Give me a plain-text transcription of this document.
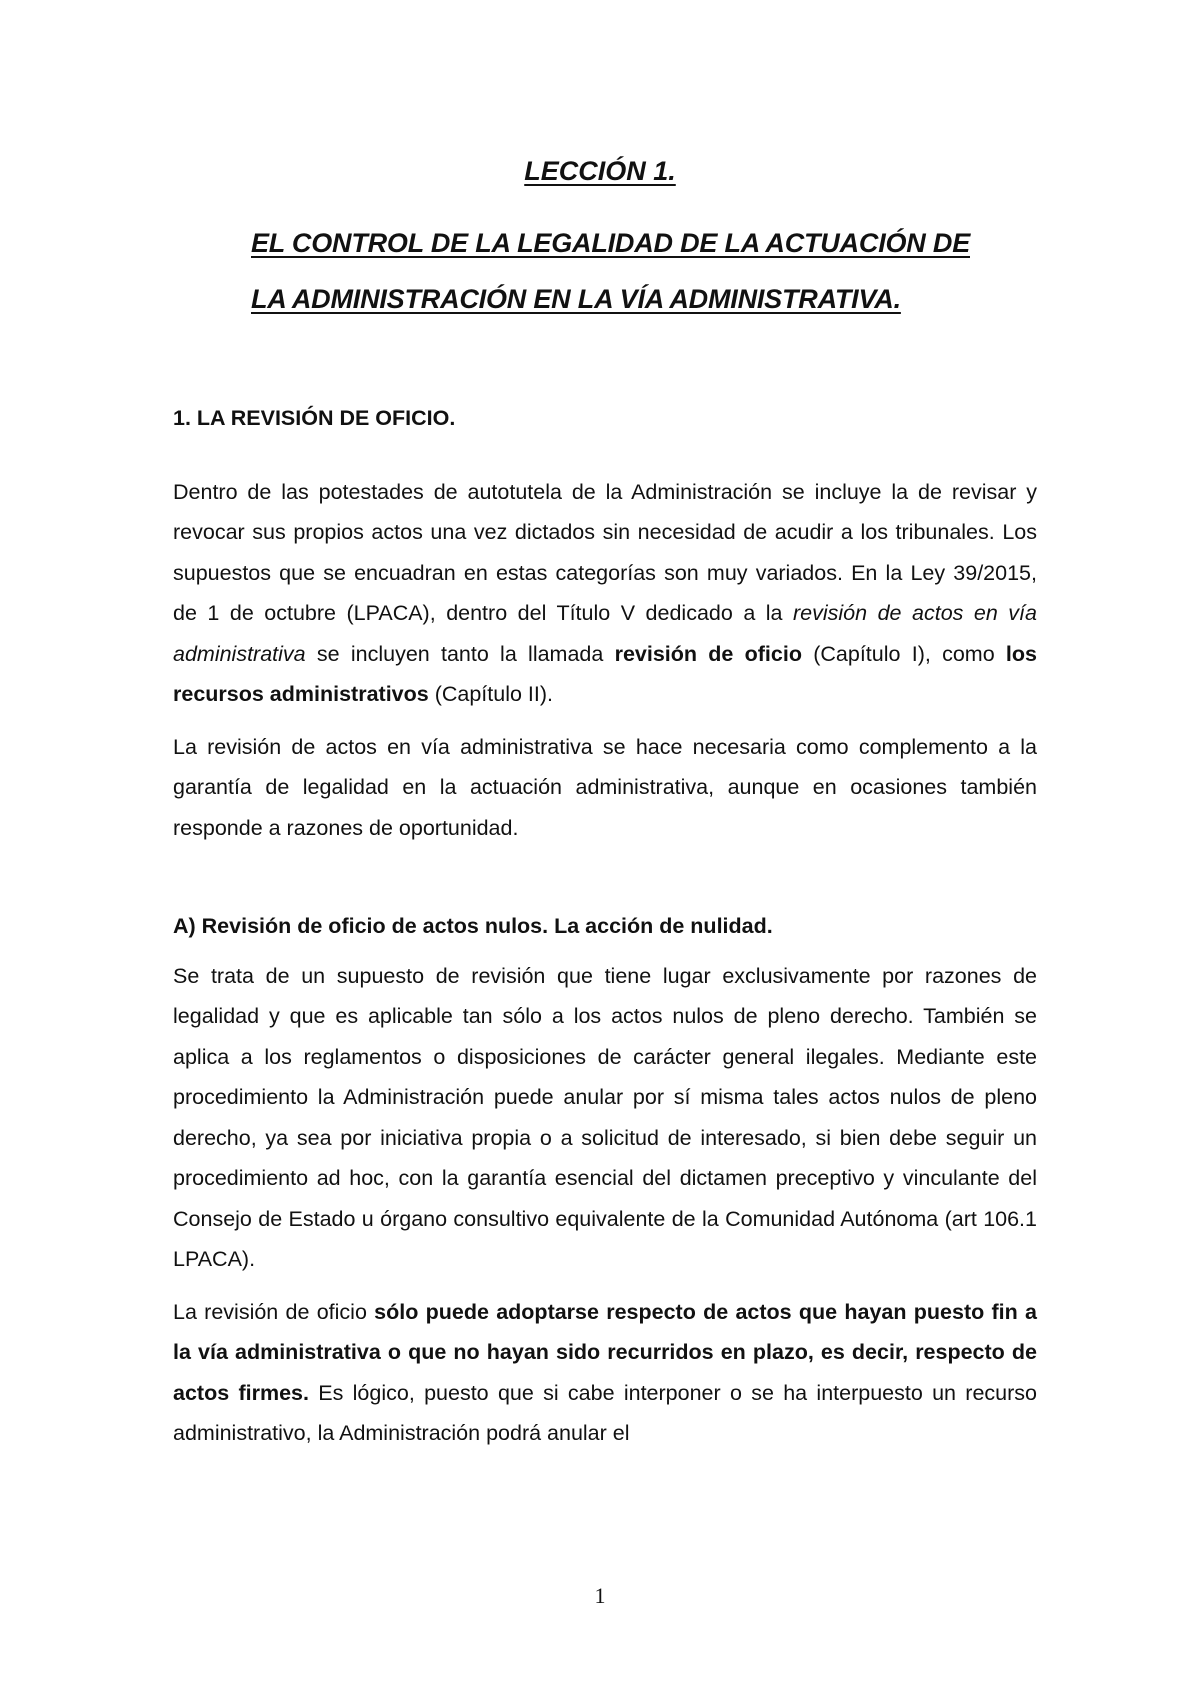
LECCIÓN 1.
EL CONTROL DE LA LEGALIDAD DE LA ACTUACIÓN DE
LA ADMINISTRACIÓN EN LA VÍA ADMINISTRATIVA.
1. LA REVISIÓN DE OFICIO.

Dentro de las potestades de autotutela de la Administración se incluye la de revisar y revocar sus propios actos una vez dictados sin necesidad de acudir a los tribunales. Los supuestos que se encuadran en estas categorías son muy variados. En la Ley 39/2015, de 1 de octubre (LPACA), dentro del Título V dedicado a la revisión de actos en vía administrativa se incluyen tanto la llamada revisión de oficio (Capítulo I), como los recursos administrativos (Capítulo II).

La revisión de actos en vía administrativa se hace necesaria como complemento a la garantía de legalidad en la actuación administrativa, aunque en ocasiones también responde a razones de oportunidad.

A) Revisión de oficio de actos nulos. La acción de nulidad.

Se trata de un supuesto de revisión que tiene lugar exclusivamente por razones de legalidad y que es aplicable tan sólo a los actos nulos de pleno derecho. También se aplica a los reglamentos o disposiciones de carácter general ilegales. Mediante este procedimiento la Administración puede anular por sí misma tales actos nulos de pleno derecho, ya sea por iniciativa propia o a solicitud de interesado, si bien debe seguir un procedimiento ad hoc, con la garantía esencial del dictamen preceptivo y vinculante del Consejo de Estado u órgano consultivo equivalente de la Comunidad Autónoma (art 106.1 LPACA).

La revisión de oficio sólo puede adoptarse respecto de actos que hayan puesto fin a la vía administrativa o que no hayan sido recurridos en plazo, es decir, respecto de actos firmes. Es lógico, puesto que si cabe interponer o se ha interpuesto un recurso administrativo, la Administración podrá anular el

1
